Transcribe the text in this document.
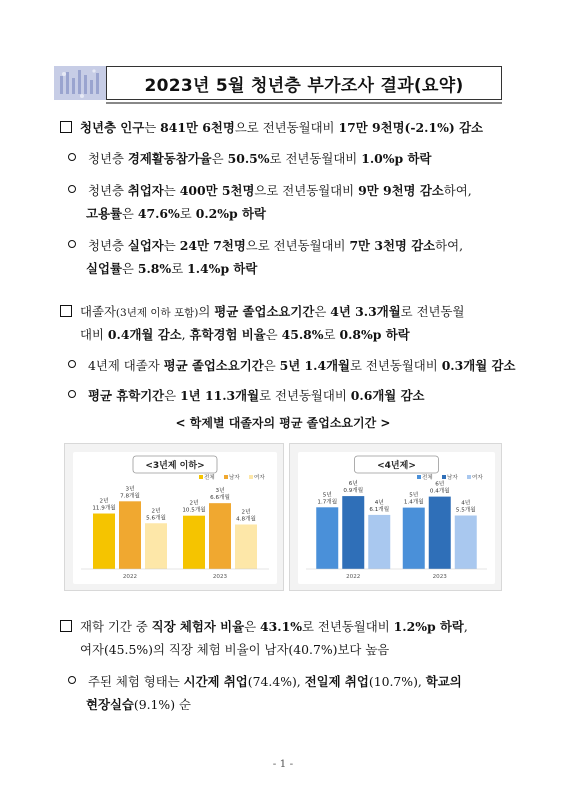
2023년 5월 청년층 부가조사 결과(요약)
청년층 인구는 841만 6천명으로 전년동월대비 17만 9천명(-2.1%) 감소
청년층 경제활동참가율은 50.5%로 전년동월대비 1.0%p 하락
청년층 취업자는 400만 5천명으로 전년동월대비 9만 9천명 감소하여,
고용률은 47.6%로 0.2%p 하락
청년층 실업자는 24만 7천명으로 전년동월대비 7만 3천명 감소하여,
실업률은 5.8%로 1.4%p 하락
대졸자(3년제 이하 포함)의 평균 졸업소요기간은 4년 3.3개월로 전년동월
대비 0.4개월 감소, 휴학경험 비율은 45.8%로 0.8%p 하락
4년제 대졸자 평균 졸업소요기간은 5년 1.4개월로 전년동월대비 0.3개월 감소
평균 휴학기간은 1년 11.3개월로 전년동월대비 0.6개월 감소
< 학제별 대졸자의 평균 졸업소요기간 >
<3년제 이하>
전체	남자	여자
2년
11.9개월
3년
7.8개월
2년
5.6개월
2022
2년
10.5개월
3년
6.6개월
2년
4.8개월
2023
<4년제>
전체	남자	여자
5년
1.7개월
6년
0.9개월
4년
6.1개월
2022
5년
1.4개월
6년
0.4개월
4년
5.5개월
2023
재학 기간 중 직장 체험자 비율은 43.1%로 전년동월대비 1.2%p 하락,
여자(45.5%)의 직장 체험 비율이 남자(40.7%)보다 높음
주된 체험 형태는 시간제 취업(74.4%), 전일제 취업(10.7%), 학교의
현장실습(9.1%) 순
- 1 -
